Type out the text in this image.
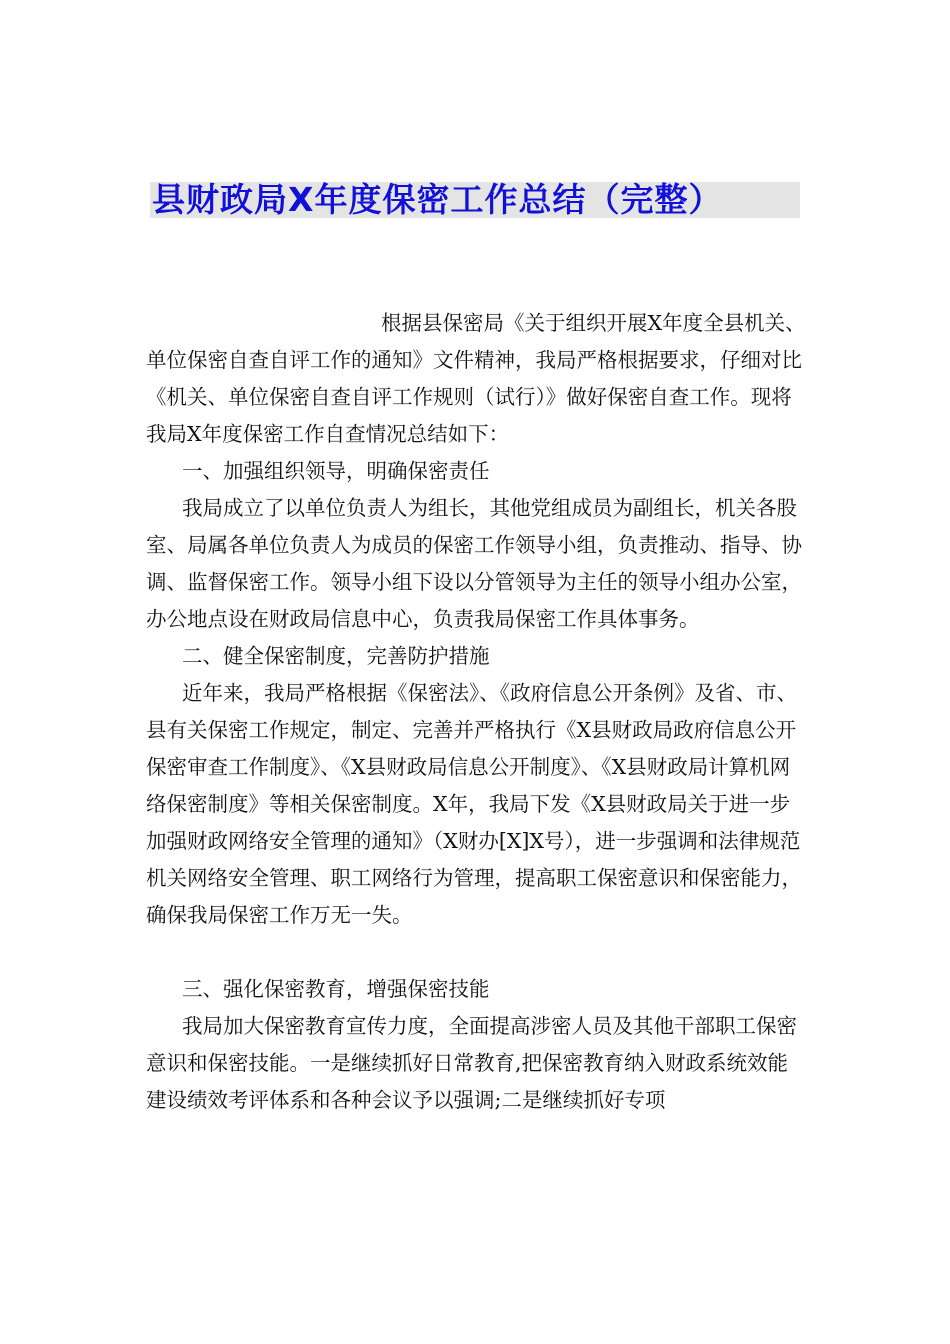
县财政局X年度保密工作总结（完整）

根据县保密局《关于组织开展X年度全县机关、单位保密自查自评工作的通知》文件精神，我局严格根据要求，仔细对比《机关、单位保密自查自评工作规则（试行）》做好保密自查工作。现将我局X年度保密工作自查情况总结如下：

一、加强组织领导，明确保密责任

我局成立了以单位负责人为组长，其他党组成员为副组长，机关各股室、局属各单位负责人为成员的保密工作领导小组，负责推动、指导、协调、监督保密工作。领导小组下设以分管领导为主任的领导小组办公室，办公地点设在财政局信息中心，负责我局保密工作具体事务。

二、健全保密制度，完善防护措施

近年来，我局严格根据《保密法》、《政府信息公开条例》及省、市、县有关保密工作规定，制定、完善并严格执行《X县财政局政府信息公开保密审查工作制度》、《X县财政局信息公开制度》、《X县财政局计算机网络保密制度》等相关保密制度。X年，我局下发《X县财政局关于进一步加强财政网络安全管理的通知》（X财办[X]X号），进一步强调和法律规范机关网络安全管理、职工网络行为管理，提高职工保密意识和保密能力，确保我局保密工作万无一失。

三、强化保密教育，增强保密技能

我局加大保密教育宣传力度，全面提高涉密人员及其他干部职工保密意识和保密技能。一是继续抓好日常教育,把保密教育纳入财政系统效能建设绩效考评体系和各种会议予以强调;二是继续抓好专项
